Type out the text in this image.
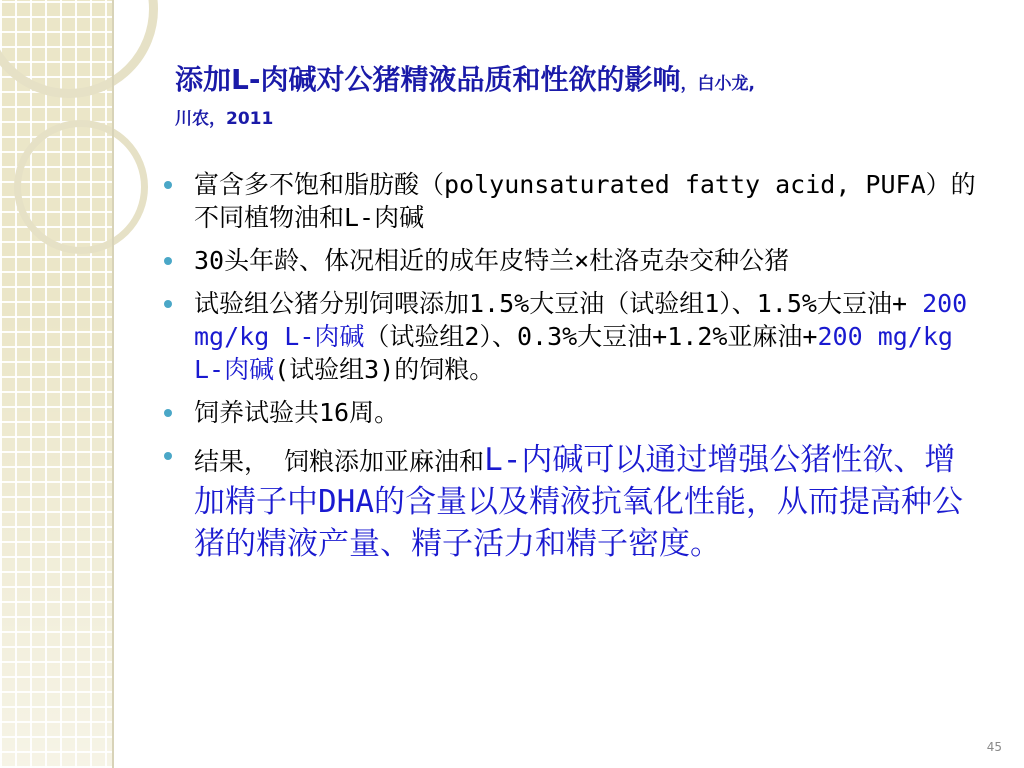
添加L-肉碱对公猪精液品质和性欲的影响，白小龙,
川农，2011
富含多不饱和脂肪酸（polyunsaturated fatty acid, PUFA）的不同植物油和L-肉碱
30头年龄、体况相近的成年皮特兰×杜洛克杂交种公猪
试验组公猪分别饲喂添加1.5%大豆油（试验组1）、1.5%大豆油+ 200 mg/kg L-肉碱（试验组2）、0.3%大豆油+1.2%亚麻油+200 mg/kg L-肉碱(试验组3)的饲粮。
饲养试验共16周。
结果， 饲粮添加亚麻油和L-内碱可以通过增强公猪性欲、增加精子中DHA的含量以及精液抗氧化性能，从而提高种公猪的精液产量、精子活力和精子密度。
45
